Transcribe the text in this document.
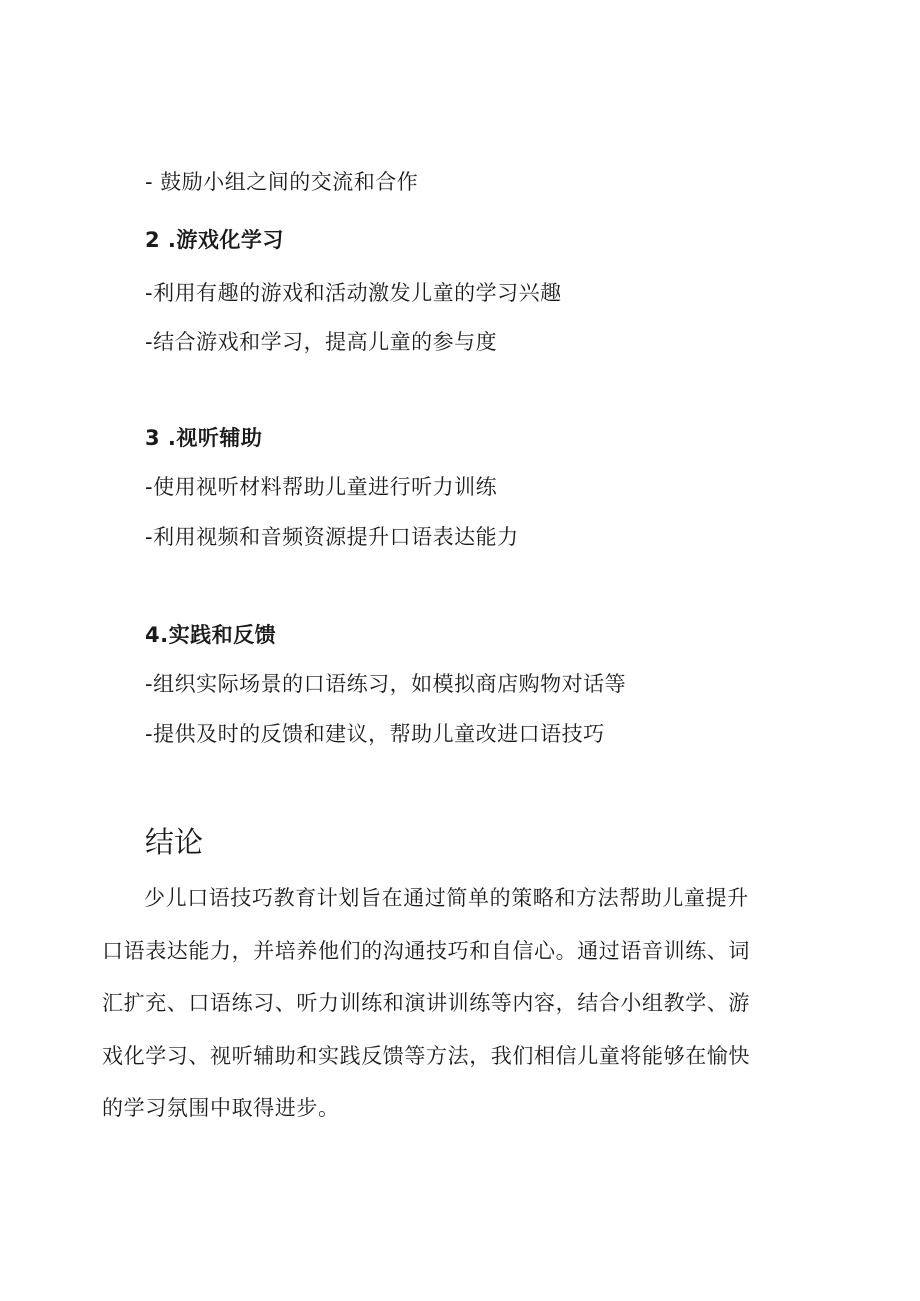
- 鼓励小组之间的交流和合作
2 .游戏化学习
-利用有趣的游戏和活动激发儿童的学习兴趣
-结合游戏和学习，提高儿童的参与度
3 .视听辅助
-使用视听材料帮助儿童进行听力训练
-利用视频和音频资源提升口语表达能力
4.实践和反馈
-组织实际场景的口语练习，如模拟商店购物对话等
-提供及时的反馈和建议，帮助儿童改进口语技巧
结论
少儿口语技巧教育计划旨在通过简单的策略和方法帮助儿童提升
口语表达能力，并培养他们的沟通技巧和自信心。通过语音训练、词
汇扩充、口语练习、听力训练和演讲训练等内容，结合小组教学、游
戏化学习、视听辅助和实践反馈等方法，我们相信儿童将能够在愉快
的学习氛围中取得进步。
